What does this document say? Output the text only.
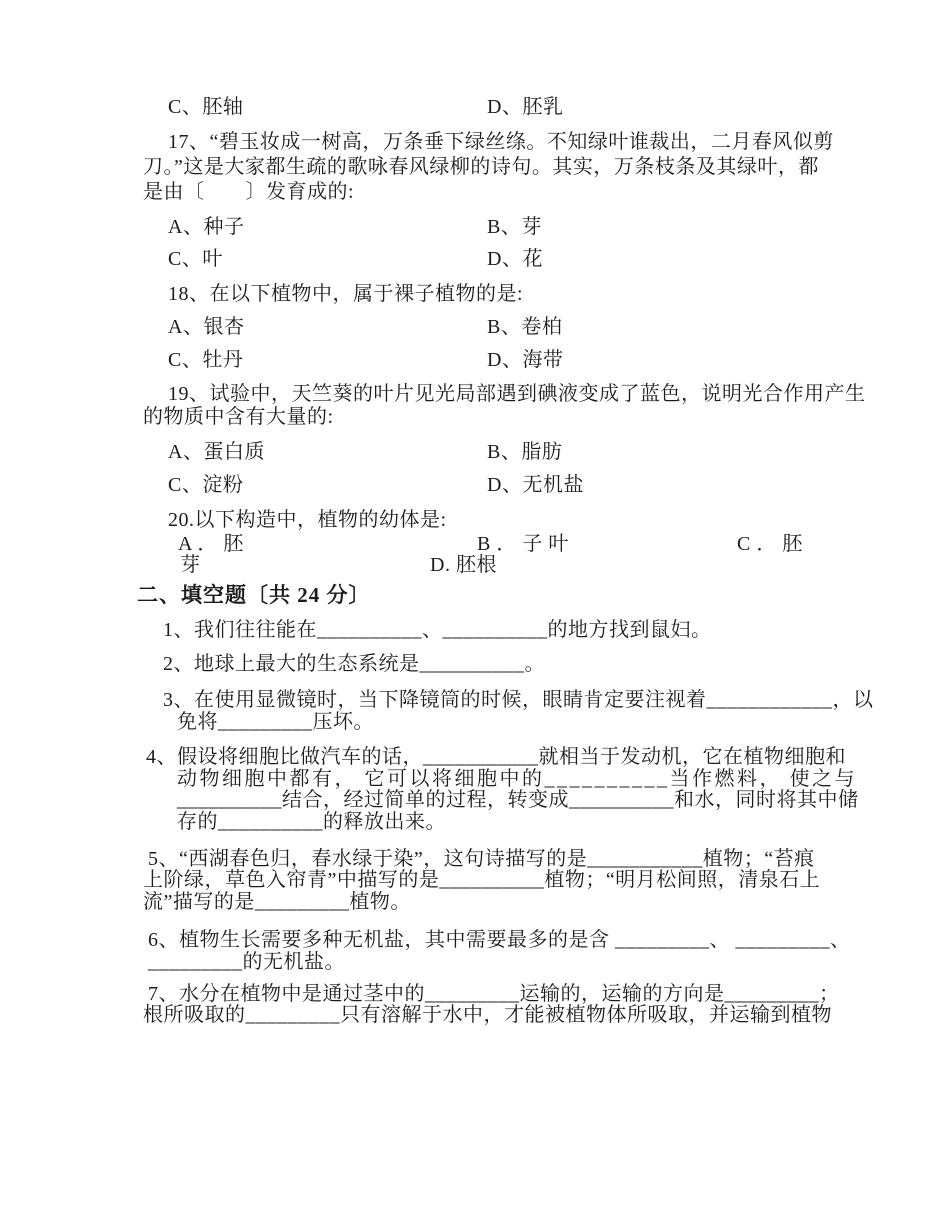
C、胚轴	D、胚乳
17、“碧玉妆成一树高，万条垂下绿丝绦。不知绿叶谁裁出，二月春风似剪
刀。”这是大家都生疏的歌咏春风绿柳的诗句。其实，万条枝条及其绿叶，都
是由〔　　〕发育成的:
A、种子	B、芽
C、叶	D、花
18、在以下植物中，属于裸子植物的是:
A、银杏	B、卷柏
C、牡丹	D、海带
19、试验中，天竺葵的叶片见光局部遇到碘液变成了蓝色，说明光合作用产生
的物质中含有大量的:
A、蛋白质	B、脂肪
C、淀粉	D、无机盐
20.以下构造中，植物的幼体是:
A ． 胚	B ． 子 叶	C ． 胚
芽	D. 胚根
二、填空题〔共 24 分〕
1、我们往往能在__________、__________的地方找到鼠妇。
2、地球上最大的生态系统是__________。
3、在使用显微镜时，当下降镜筒的时候，眼睛肯定要注视着____________，以
免将_________压坏。
4、假设将细胞比做汽车的话，___________就相当于发动机，它在植物细胞和
动物细胞中都有， 它可以将细胞中的__________当作燃料， 使之与
__________结合，经过简单的过程，转变成__________和水，同时将其中储
存的__________的释放出来。
5、“西湖春色归，春水绿于染”，这句诗描写的是___________植物；“苔痕
上阶绿，草色入帘青”中描写的是__________植物；“明月松间照，清泉石上
流”描写的是_________植物。
6、植物生长需要多种无机盐，其中需要最多的是含 _________、 _________、
_________的无机盐。
7、水分在植物中是通过茎中的_________运输的，运输的方向是_________；
根所吸取的_________只有溶解于水中，才能被植物体所吸取，并运输到植物
